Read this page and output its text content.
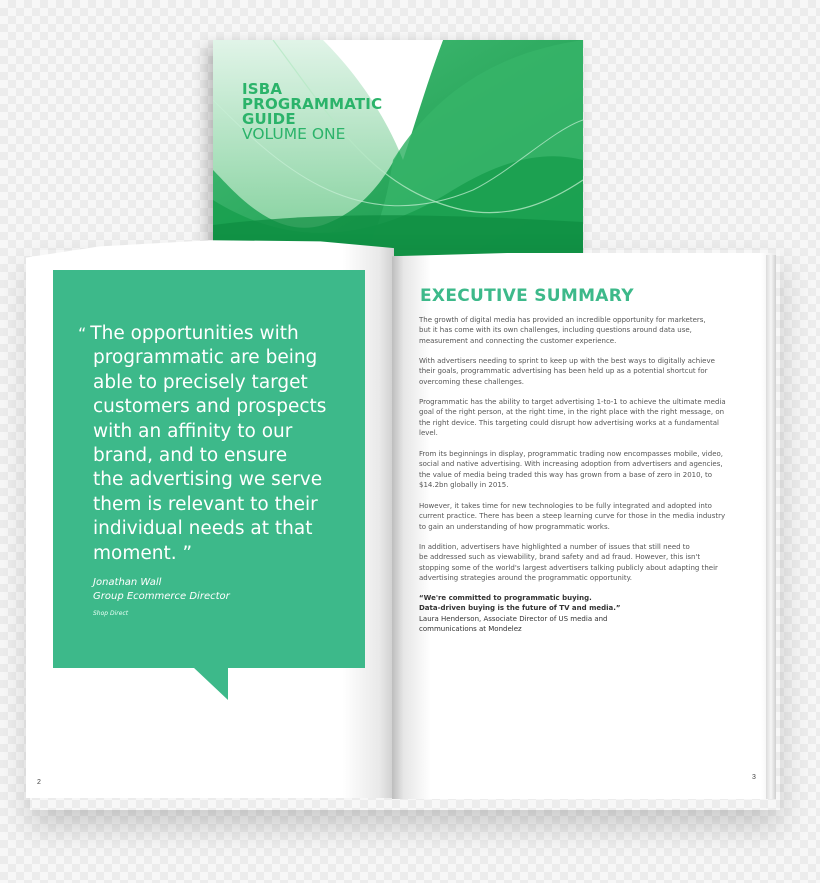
ISBA
PROGRAMMATIC
GUIDE
VOLUME ONE
“ The opportunities with
programmatic are being
able to precisely target
customers and prospects
with an affinity to our
brand, and to ensure
the advertising we serve
them is relevant to their
individual needs at that
moment. ”
Jonathan Wall
Group Ecommerce Director
Shop Direct
2
EXECUTIVE SUMMARY
The growth of digital media has provided an incredible opportunity for marketers,
but it has come with its own challenges, including questions around data use,
measurement and connecting the customer experience.
With advertisers needing to sprint to keep up with the best ways to digitally achieve
their goals, programmatic advertising has been held up as a potential shortcut for
overcoming these challenges.
Programmatic has the ability to target advertising 1-to-1 to achieve the ultimate media
goal of the right person, at the right time, in the right place with the right message, on
the right device. This targeting could disrupt how advertising works at a fundamental
level.
From its beginnings in display, programmatic trading now encompasses mobile, video,
social and native advertising. With increasing adoption from advertisers and agencies,
the value of media being traded this way has grown from a base of zero in 2010, to
$14.2bn globally in 2015.
However, it takes time for new technologies to be fully integrated and adopted into
current practice. There has been a steep learning curve for those in the media industry
to gain an understanding of how programmatic works.
In addition, advertisers have highlighted a number of issues that still need to
be addressed such as viewability, brand safety and ad fraud. However, this isn't
stopping some of the world's largest advertisers talking publicly about adapting their
advertising strategies around the programmatic opportunity.
“We're committed to programmatic buying.
Data-driven buying is the future of TV and media.”
Laura Henderson, Associate Director of US media and
communications at Mondelez
3
